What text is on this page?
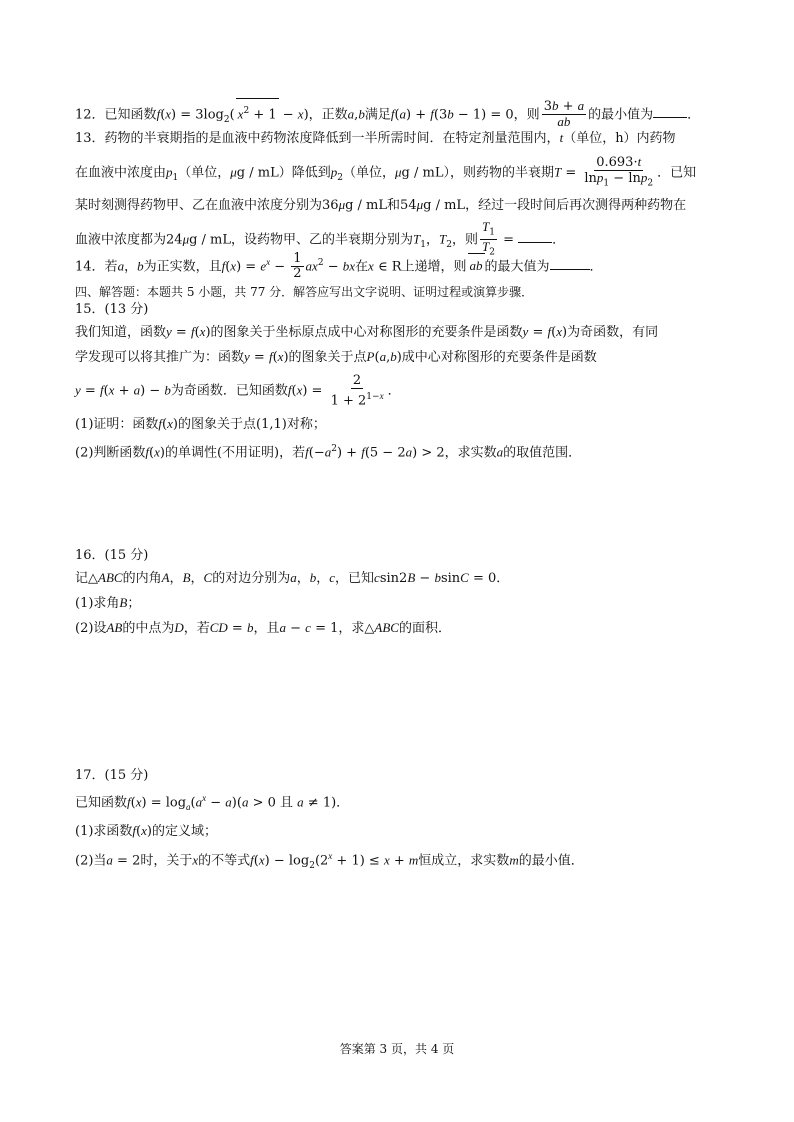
12．已知函数$f(x) = 3\log_2$( $x^2 + 1 - x$)，正数a,b满足f(a) + f(3b − 1) = 0，则 $\frac{3b + a}{ab}$ 的最小值为	．
13．药物的半衰期指的是血液中药物浓度降低到一半所需时间．在特定剂量范围内，t（单位，h）内药物
在血液中浓度由$p_1$（单位，μg / mL）降低到$p_2$（单位，μg / mL），则药物的半衰期$T = \frac{0.693\cdot t}{\ln p_1 - \ln p_2}$ ．已知
某时刻测得药物甲、乙在血液中浓度分别为36μg / mL和54μg / mL，经过一段时间后再次测得两种药物在
血液中浓度都为24μg / mL，设药物甲、乙的半衰期分别为$T_1$，$T_2$，则 $\frac{T_1}{T_2}$ =	．
14．若a，b为正实数，且$f(x) = e^x - \frac{1}{2} ax^2$ − bx在x ∈ R上递增，则 ab 的最大值为	．
四、解答题：本题共 5 小题，共 77 分．解答应写出文字说明、证明过程或演算步骤．
15．(13 分)
我们知道，函数y = f(x)的图象关于坐标原点成中心对称图形的充要条件是函数y = f(x)为奇函数，有同
学发现可以将其推广为：函数y = f(x)的图象关于点P(a,b)成中心对称图形的充要条件是函数
y = f(x + a) − b为奇函数．已知函数$f(x) = \frac{2}{1 + 2^{1-x}}$ ．
(1)证明：函数f(x)的图象关于点(1,1)对称；
(2)判断函数f(x)的单调性(不用证明)，若$f(-a^2) + f(5 - 2a) > 2$，求实数a的取值范围．
16．(15 分)
记△ABC的内角A，B，C的对边分别为a，b，c，已知csin2B − bsinC = 0．
(1)求角B；
(2)设AB的中点为D，若CD = b，且a − c = 1，求△ABC的面积．
17．(15 分)
已知函数$f(x) = \log_a(a^x - a)(a > 0$ 且 a ≠ 1)．
(1)求函数f(x)的定义域；
(2)当a = 2时，关于x的不等式$f(x) - \log_2(2^x + 1) \le x + m$恒成立，求实数m的最小值．
答案第 3 页，共 4 页
